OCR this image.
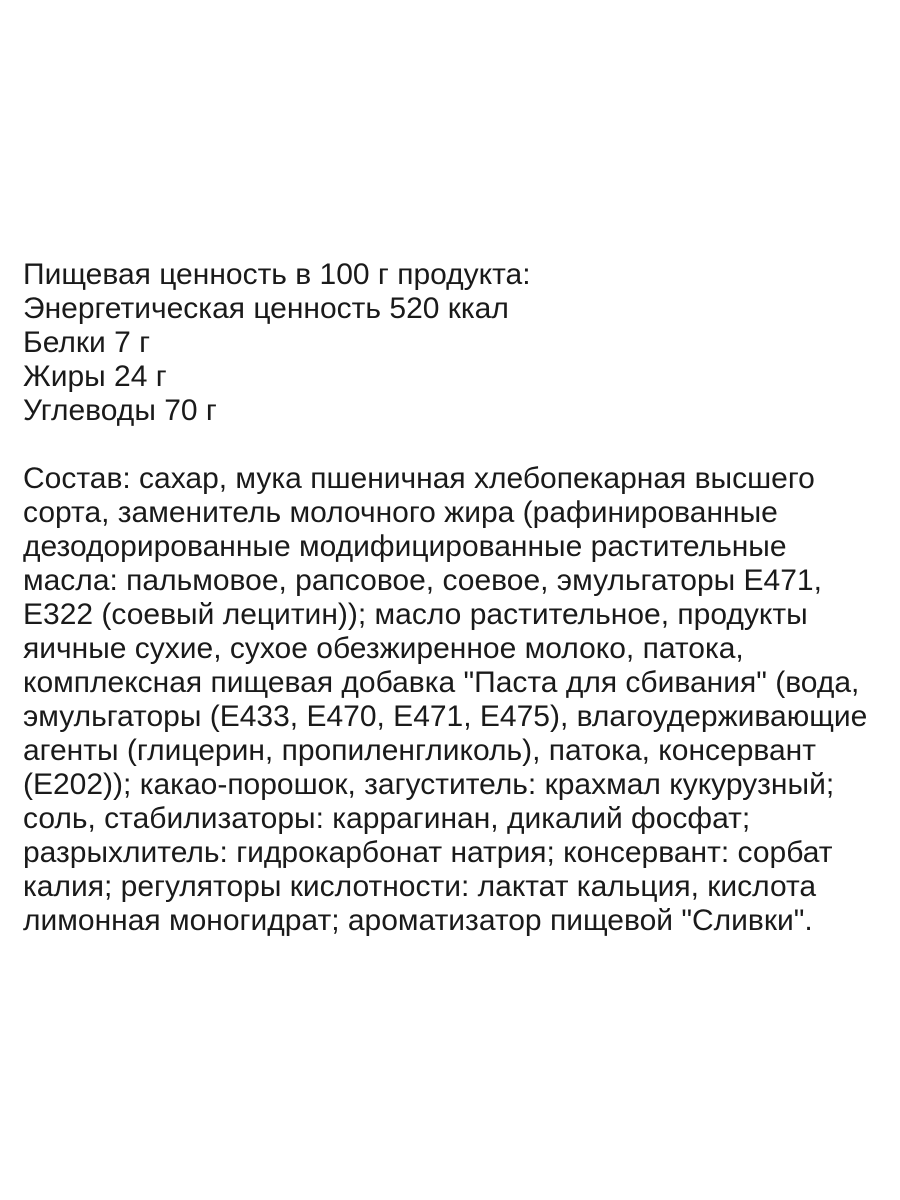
Пищевая ценность в 100 г продукта:

Энергетическая ценность 520 ккал

Белки 7 г

Жиры 24 г

Углеводы 70 г

Состав: сахар, мука пшеничная хлебопекарная высшего

сорта, заменитель молочного жира (рафинированные

дезодорированные модифицированные растительные

масла: пальмовое, рапсовое, соевое, эмульгаторы Е471,

Е322 (соевый лецитин)); масло растительное, продукты

яичные сухие, сухое обезжиренное молоко, патока,

комплексная пищевая добавка "Паста для сбивания" (вода,

эмульгаторы (Е433, Е470, Е471, Е475), влагоудерживающие

агенты (глицерин, пропиленгликоль), патока, консервант

(Е202)); какао-порошок, загуститель: крахмал кукурузный;

соль, стабилизаторы: каррагинан, дикалий фосфат;

разрыхлитель: гидрокарбонат натрия; консервант: сорбат

калия; регуляторы кислотности: лактат кальция, кислота

лимонная моногидрат; ароматизатор пищевой "Сливки".
